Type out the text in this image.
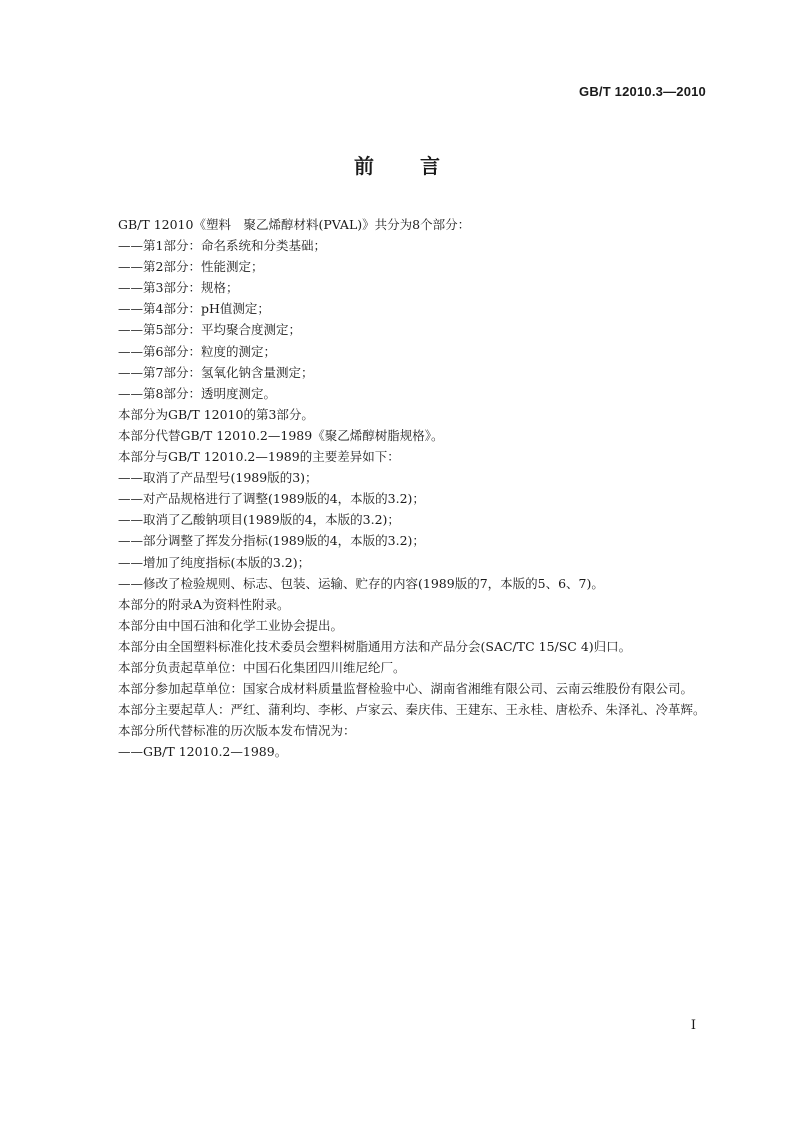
GB/T 12010.3—2010
前 言

GB/T 12010《塑料　聚乙烯醇材料(PVAL)》共分为8个部分：

——第1部分：命名系统和分类基础；

——第2部分：性能测定；

——第3部分：规格；

——第4部分：pH值测定；

——第5部分：平均聚合度测定；

——第6部分：粒度的测定；

——第7部分：氢氧化钠含量测定；

——第8部分：透明度测定。

本部分为GB/T 12010的第3部分。

本部分代替GB/T 12010.2—1989《聚乙烯醇树脂规格》。

本部分与GB/T 12010.2—1989的主要差异如下：

——取消了产品型号(1989版的3)；

——对产品规格进行了调整(1989版的4，本版的3.2)；

——取消了乙酸钠项目(1989版的4，本版的3.2)；

——部分调整了挥发分指标(1989版的4，本版的3.2)；

——增加了纯度指标(本版的3.2)；

——修改了检验规则、标志、包装、运输、贮存的内容(1989版的7，本版的5、6、7)。

本部分的附录A为资料性附录。

本部分由中国石油和化学工业协会提出。

本部分由全国塑料标准化技术委员会塑料树脂通用方法和产品分会(SAC/TC 15/SC 4)归口。

本部分负责起草单位：中国石化集团四川维尼纶厂。

本部分参加起草单位：国家合成材料质量监督检验中心、湖南省湘维有限公司、云南云维股份有限公司。

本部分主要起草人：严红、蒲利均、李彬、卢家云、秦庆伟、王建东、王永桂、唐松乔、朱泽礼、冷革辉。

本部分所代替标准的历次版本发布情况为：

——GB/T 12010.2—1989。

I
